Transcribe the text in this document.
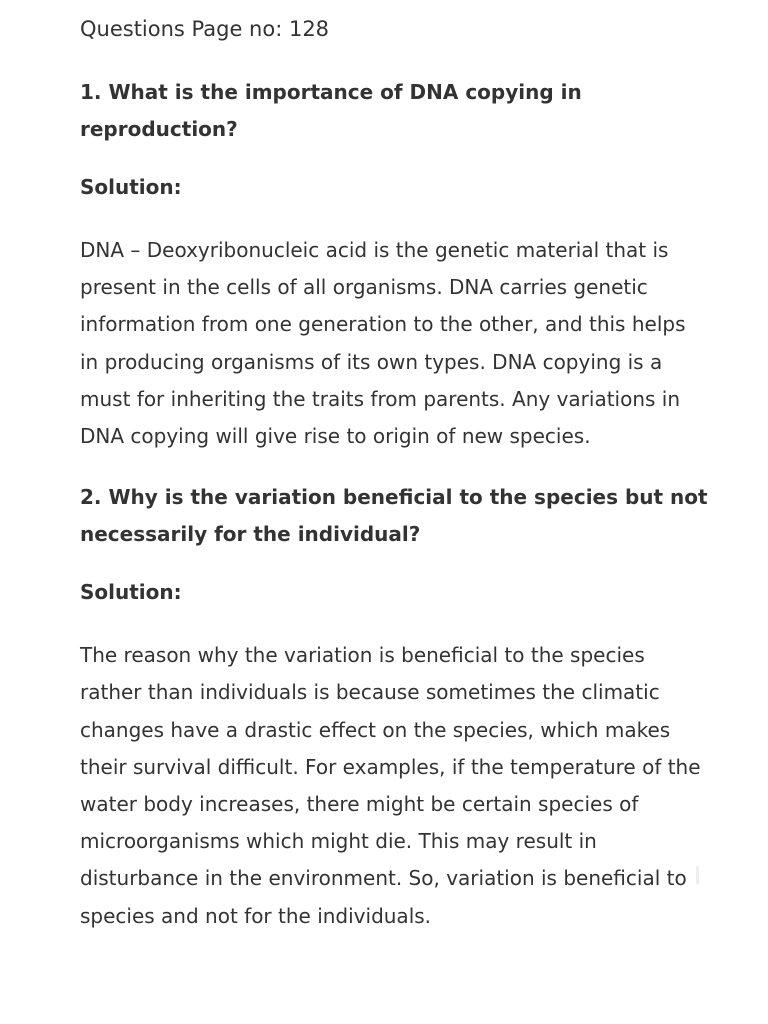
Questions Page no: 128
1. What is the importance of DNA copying in reproduction?
Solution:
DNA – Deoxyribonucleic acid is the genetic material that is present in the cells of all organisms. DNA carries genetic information from one generation to the other, and this helps in producing organisms of its own types. DNA copying is a must for inheriting the traits from parents. Any variations in DNA copying will give rise to origin of new species.
2. Why is the variation beneficial to the species but not necessarily for the individual?
Solution:
The reason why the variation is beneficial to the species rather than individuals is because sometimes the climatic changes have a drastic effect on the species, which makes their survival difficult. For examples, if the temperature of the water body increases, there might be certain species of microorganisms which might die. This may result in disturbance in the environment. So, variation is beneficial to species and not for the individuals.
